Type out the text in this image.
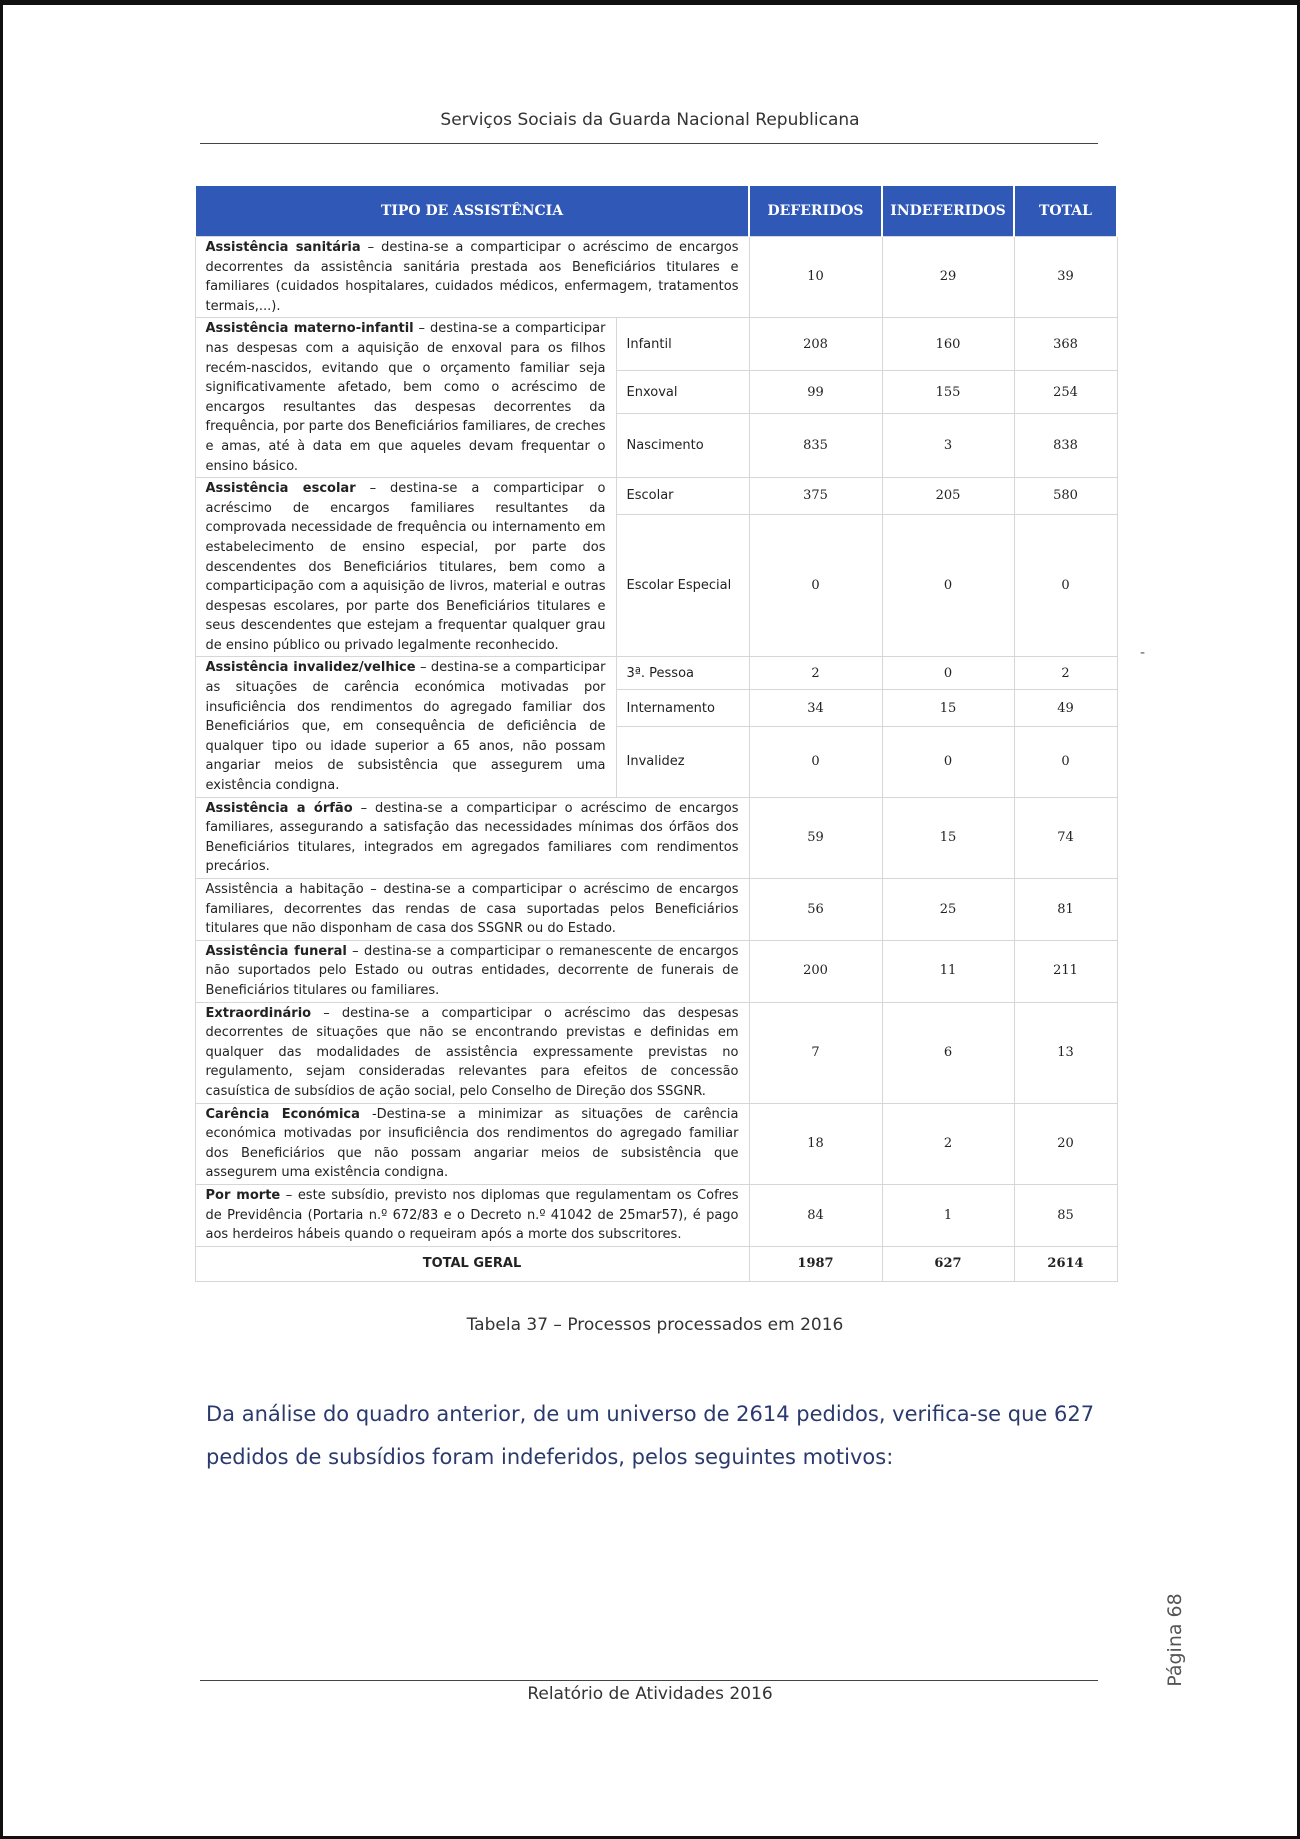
Serviços Sociais da Guarda Nacional Republicana
TIPO DE ASSISTÊNCIA		DEFERIDOS	INDEFERIDOS	TOTAL
Assistência sanitária – destina-se a comparticipar o acréscimo de encargos decorrentes da assistência sanitária prestada aos Beneficiários titulares e familiares (cuidados hospitalares, cuidados médicos, enfermagem, tratamentos termais,...).		10	29	39
Assistência materno-infantil – destina-se a comparticipar nas despesas com a aquisição de enxoval para os filhos recém-nascidos, evitando que o orçamento familiar seja significativamente afetado, bem como o acréscimo de encargos resultantes das despesas decorrentes da frequência, por parte dos Beneficiários familiares, de creches e amas, até à data em que aqueles devam frequentar o ensino básico.	Infantil	208	160	368
	Enxoval	99	155	254
	Nascimento	835	3	838
Assistência escolar – destina-se a comparticipar o acréscimo de encargos familiares resultantes da comprovada necessidade de frequência ou internamento em estabelecimento de ensino especial, por parte dos descendentes dos Beneficiários titulares, bem como a comparticipação com a aquisição de livros, material e outras despesas escolares, por parte dos Beneficiários titulares e seus descendentes que estejam a frequentar qualquer grau de ensino público ou privado legalmente reconhecido.	Escolar	375	205	580
	Escolar Especial	0	0	0
Assistência invalidez/velhice – destina-se a comparticipar as situações de carência económica motivadas por insuficiência dos rendimentos do agregado familiar dos Beneficiários que, em consequência de deficiência de qualquer tipo ou idade superior a 65 anos, não possam angariar meios de subsistência que assegurem uma existência condigna.	3ª. Pessoa	2	0	2
	Internamento	34	15	49
	Invalidez	0	0	0
Assistência a órfão – destina-se a comparticipar o acréscimo de encargos familiares, assegurando a satisfação das necessidades mínimas dos órfãos dos Beneficiários titulares, integrados em agregados familiares com rendimentos precários.		59	15	74
Assistência a habitação – destina-se a comparticipar o acréscimo de encargos familiares, decorrentes das rendas de casa suportadas pelos Beneficiários titulares que não disponham de casa dos SSGNR ou do Estado.		56	25	81
Assistência funeral – destina-se a comparticipar o remanescente de encargos não suportados pelo Estado ou outras entidades, decorrente de funerais de Beneficiários titulares ou familiares.		200	11	211
Extraordinário – destina-se a comparticipar o acréscimo das despesas decorrentes de situações que não se encontrando previstas e definidas em qualquer das modalidades de assistência expressamente previstas no regulamento, sejam consideradas relevantes para efeitos de concessão casuística de subsídios de ação social, pelo Conselho de Direção dos SSGNR.		7	6	13
Carência Económica -Destina-se a minimizar as situações de carência económica motivadas por insuficiência dos rendimentos do agregado familiar dos Beneficiários que não possam angariar meios de subsistência que assegurem uma existência condigna.		18	2	20
Por morte – este subsídio, previsto nos diplomas que regulamentam os Cofres de Previdência (Portaria n.º 672/83 e o Decreto n.º 41042 de 25mar57), é pago aos herdeiros hábeis quando o requeiram após a morte dos subscritores.		84	1	85
TOTAL GERAL		1987	627	2614
-
Tabela 37 – Processos processados em 2016
Da análise do quadro anterior, de um universo de 2614 pedidos, verifica-se que 627 pedidos de subsídios foram indeferidos, pelos seguintes motivos:
Página 68
Relatório de Atividades 2016
